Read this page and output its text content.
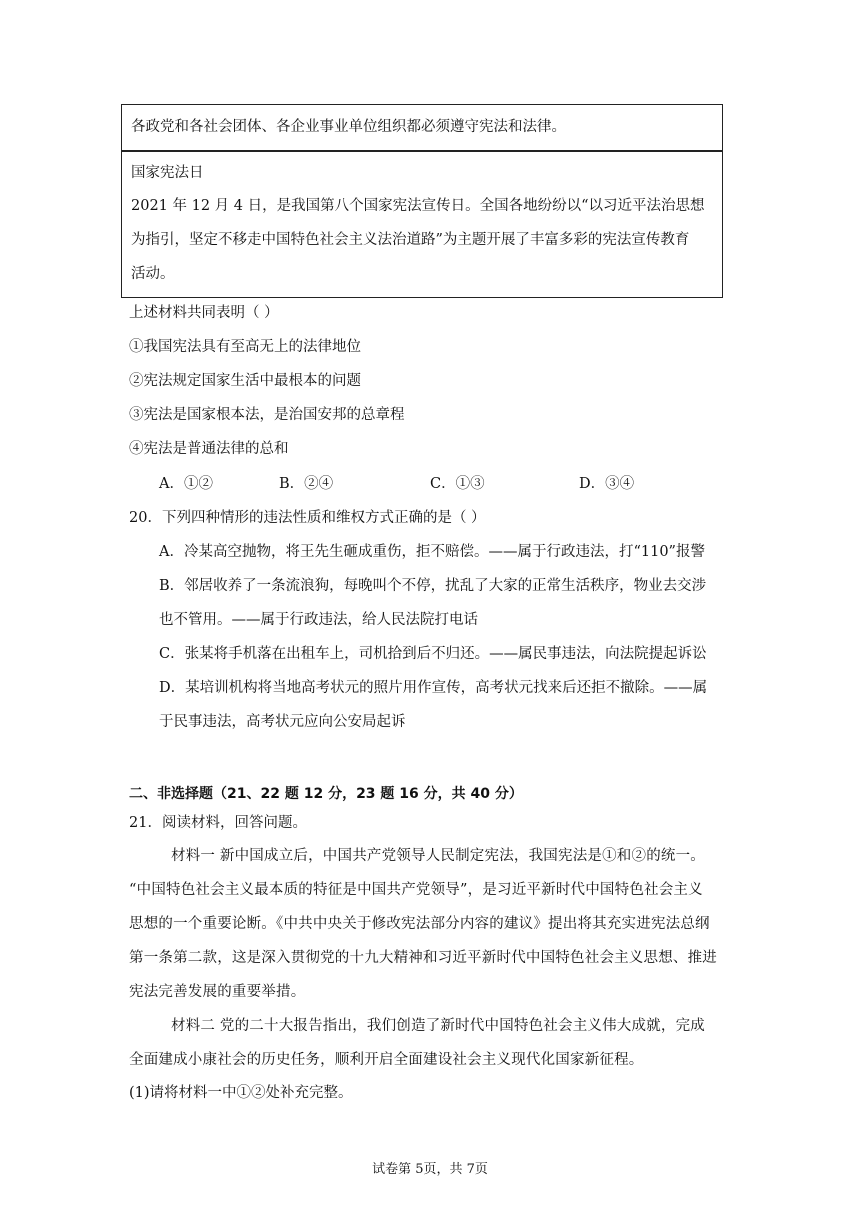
各政党和各社会团体、各企业事业单位组织都必须遵守宪法和法律。
国家宪法日
2021 年 12 月 4 日，是我国第八个国家宪法宣传日。全国各地纷纷以“以习近平法治思想
为指引，坚定不移走中国特色社会主义法治道路”为主题开展了丰富多彩的宪法宣传教育
活动。
上述材料共同表明（ ）
①我国宪法具有至高无上的法律地位
②宪法规定国家生活中最根本的问题
③宪法是国家根本法，是治国安邦的总章程
④宪法是普通法律的总和
A．①②	B．②④	C．①③	D．③④
20．下列四种情形的违法性质和维权方式正确的是（ ）
A．冷某高空抛物，将王先生砸成重伤，拒不赔偿。——属于行政违法，打“110”报警
B．邻居收养了一条流浪狗，每晚叫个不停，扰乱了大家的正常生活秩序，物业去交涉
也不管用。——属于行政违法，给人民法院打电话
C．张某将手机落在出租车上，司机拾到后不归还。——属民事违法，向法院提起诉讼
D．某培训机构将当地高考状元的照片用作宣传，高考状元找来后还拒不撤除。——属
于民事违法，高考状元应向公安局起诉
二、非选择题（21、22 题 12 分，23 题 16 分，共 40 分）
21．阅读材料，回答问题。
材料一 新中国成立后，中国共产党领导人民制定宪法，我国宪法是①和②的统一。
“中国特色社会主义最本质的特征是中国共产党领导”，是习近平新时代中国特色社会主义
思想的一个重要论断。《中共中央关于修改宪法部分内容的建议》提出将其充实进宪法总纲
第一条第二款，这是深入贯彻党的十九大精神和习近平新时代中国特色社会主义思想、推进
宪法完善发展的重要举措。
材料二 党的二十大报告指出，我们创造了新时代中国特色社会主义伟大成就，完成
全面建成小康社会的历史任务，顺利开启全面建设社会主义现代化国家新征程。
(1)请将材料一中①②处补充完整。
试卷第 5页，共 7页
